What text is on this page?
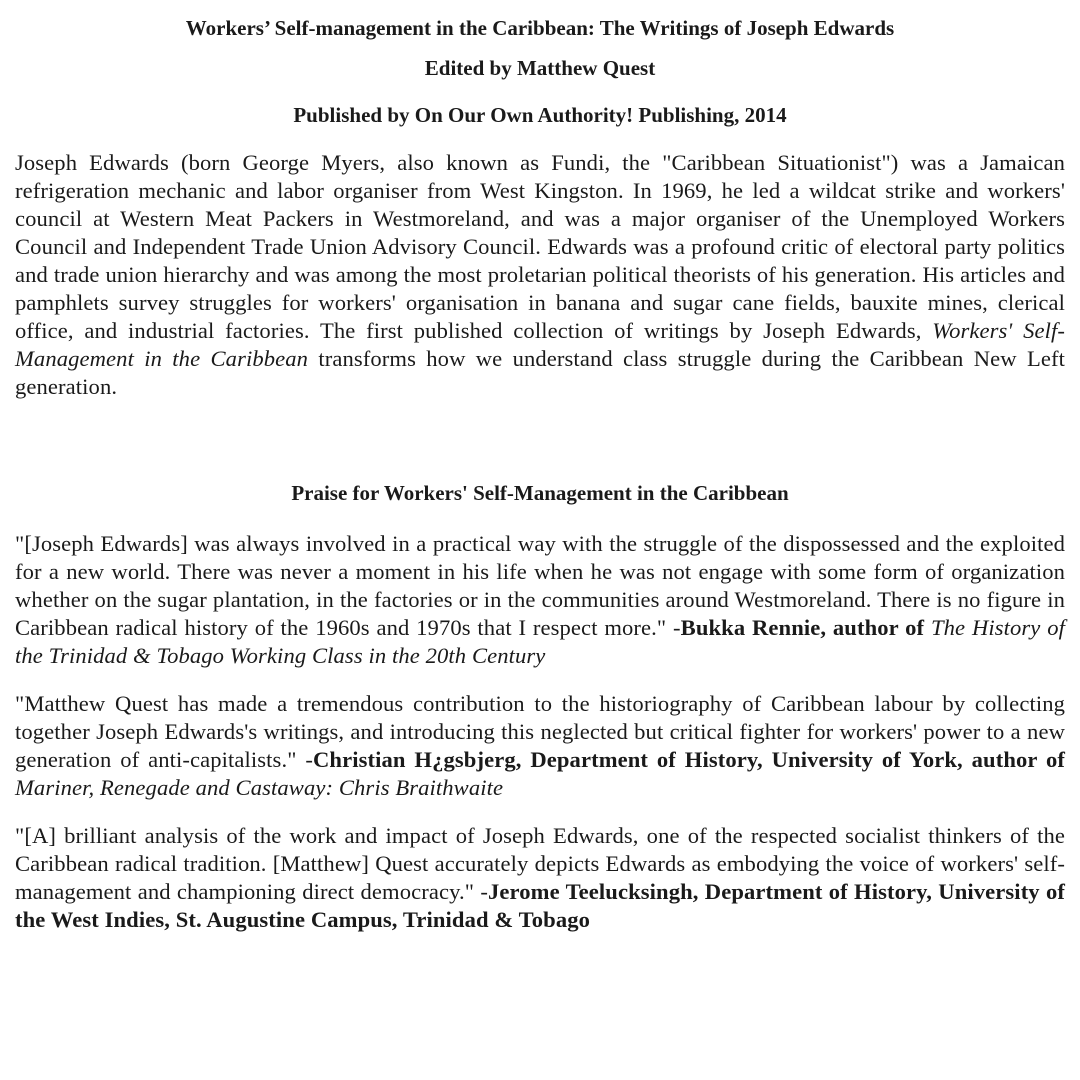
Workers’ Self-management in the Caribbean: The Writings of Joseph Edwards
Edited by Matthew Quest
Published by On Our Own Authority! Publishing, 2014

Joseph Edwards (born George Myers, also known as Fundi, the "Caribbean Situationist") was a Jamaican refrigeration mechanic and labor organiser from West Kingston. In 1969, he led a wildcat strike and workers' council at Western Meat Packers in Westmoreland, and was a major organiser of the Unemployed Workers Council and Independent Trade Union Advisory Council. Edwards was a profound critic of electoral party politics and trade union hierarchy and was among the most proletarian political theorists of his generation. His articles and pamphlets survey struggles for workers' organisation in banana and sugar cane fields, bauxite mines, clerical office, and industrial factories. The first published collection of writings by Joseph Edwards, Workers' Self-Management in the Caribbean transforms how we understand class struggle during the Caribbean New Left generation.

Praise for Workers' Self-Management in the Caribbean

"[Joseph Edwards] was always involved in a practical way with the struggle of the dispossessed and the exploited for a new world. There was never a moment in his life when he was not engage with some form of organization whether on the sugar plantation, in the factories or in the communities around Westmoreland. There is no figure in Caribbean radical history of the 1960s and 1970s that I respect more." -Bukka Rennie, author of The History of the Trinidad & Tobago Working Class in the 20th Century

"Matthew Quest has made a tremendous contribution to the historiography of Caribbean labour by collecting together Joseph Edwards's writings, and introducing this neglected but critical fighter for workers' power to a new generation of anti-capitalists." -Christian H¿gsbjerg, Department of History, University of York, author of Mariner, Renegade and Castaway: Chris Braithwaite

"[A] brilliant analysis of the work and impact of Joseph Edwards, one of the respected socialist thinkers of the Caribbean radical tradition. [Matthew] Quest accurately depicts Edwards as embodying the voice of workers' self-management and championing direct democracy." -Jerome Teelucksingh, Department of History, University of the West Indies, St. Augustine Campus, Trinidad & Tobago
